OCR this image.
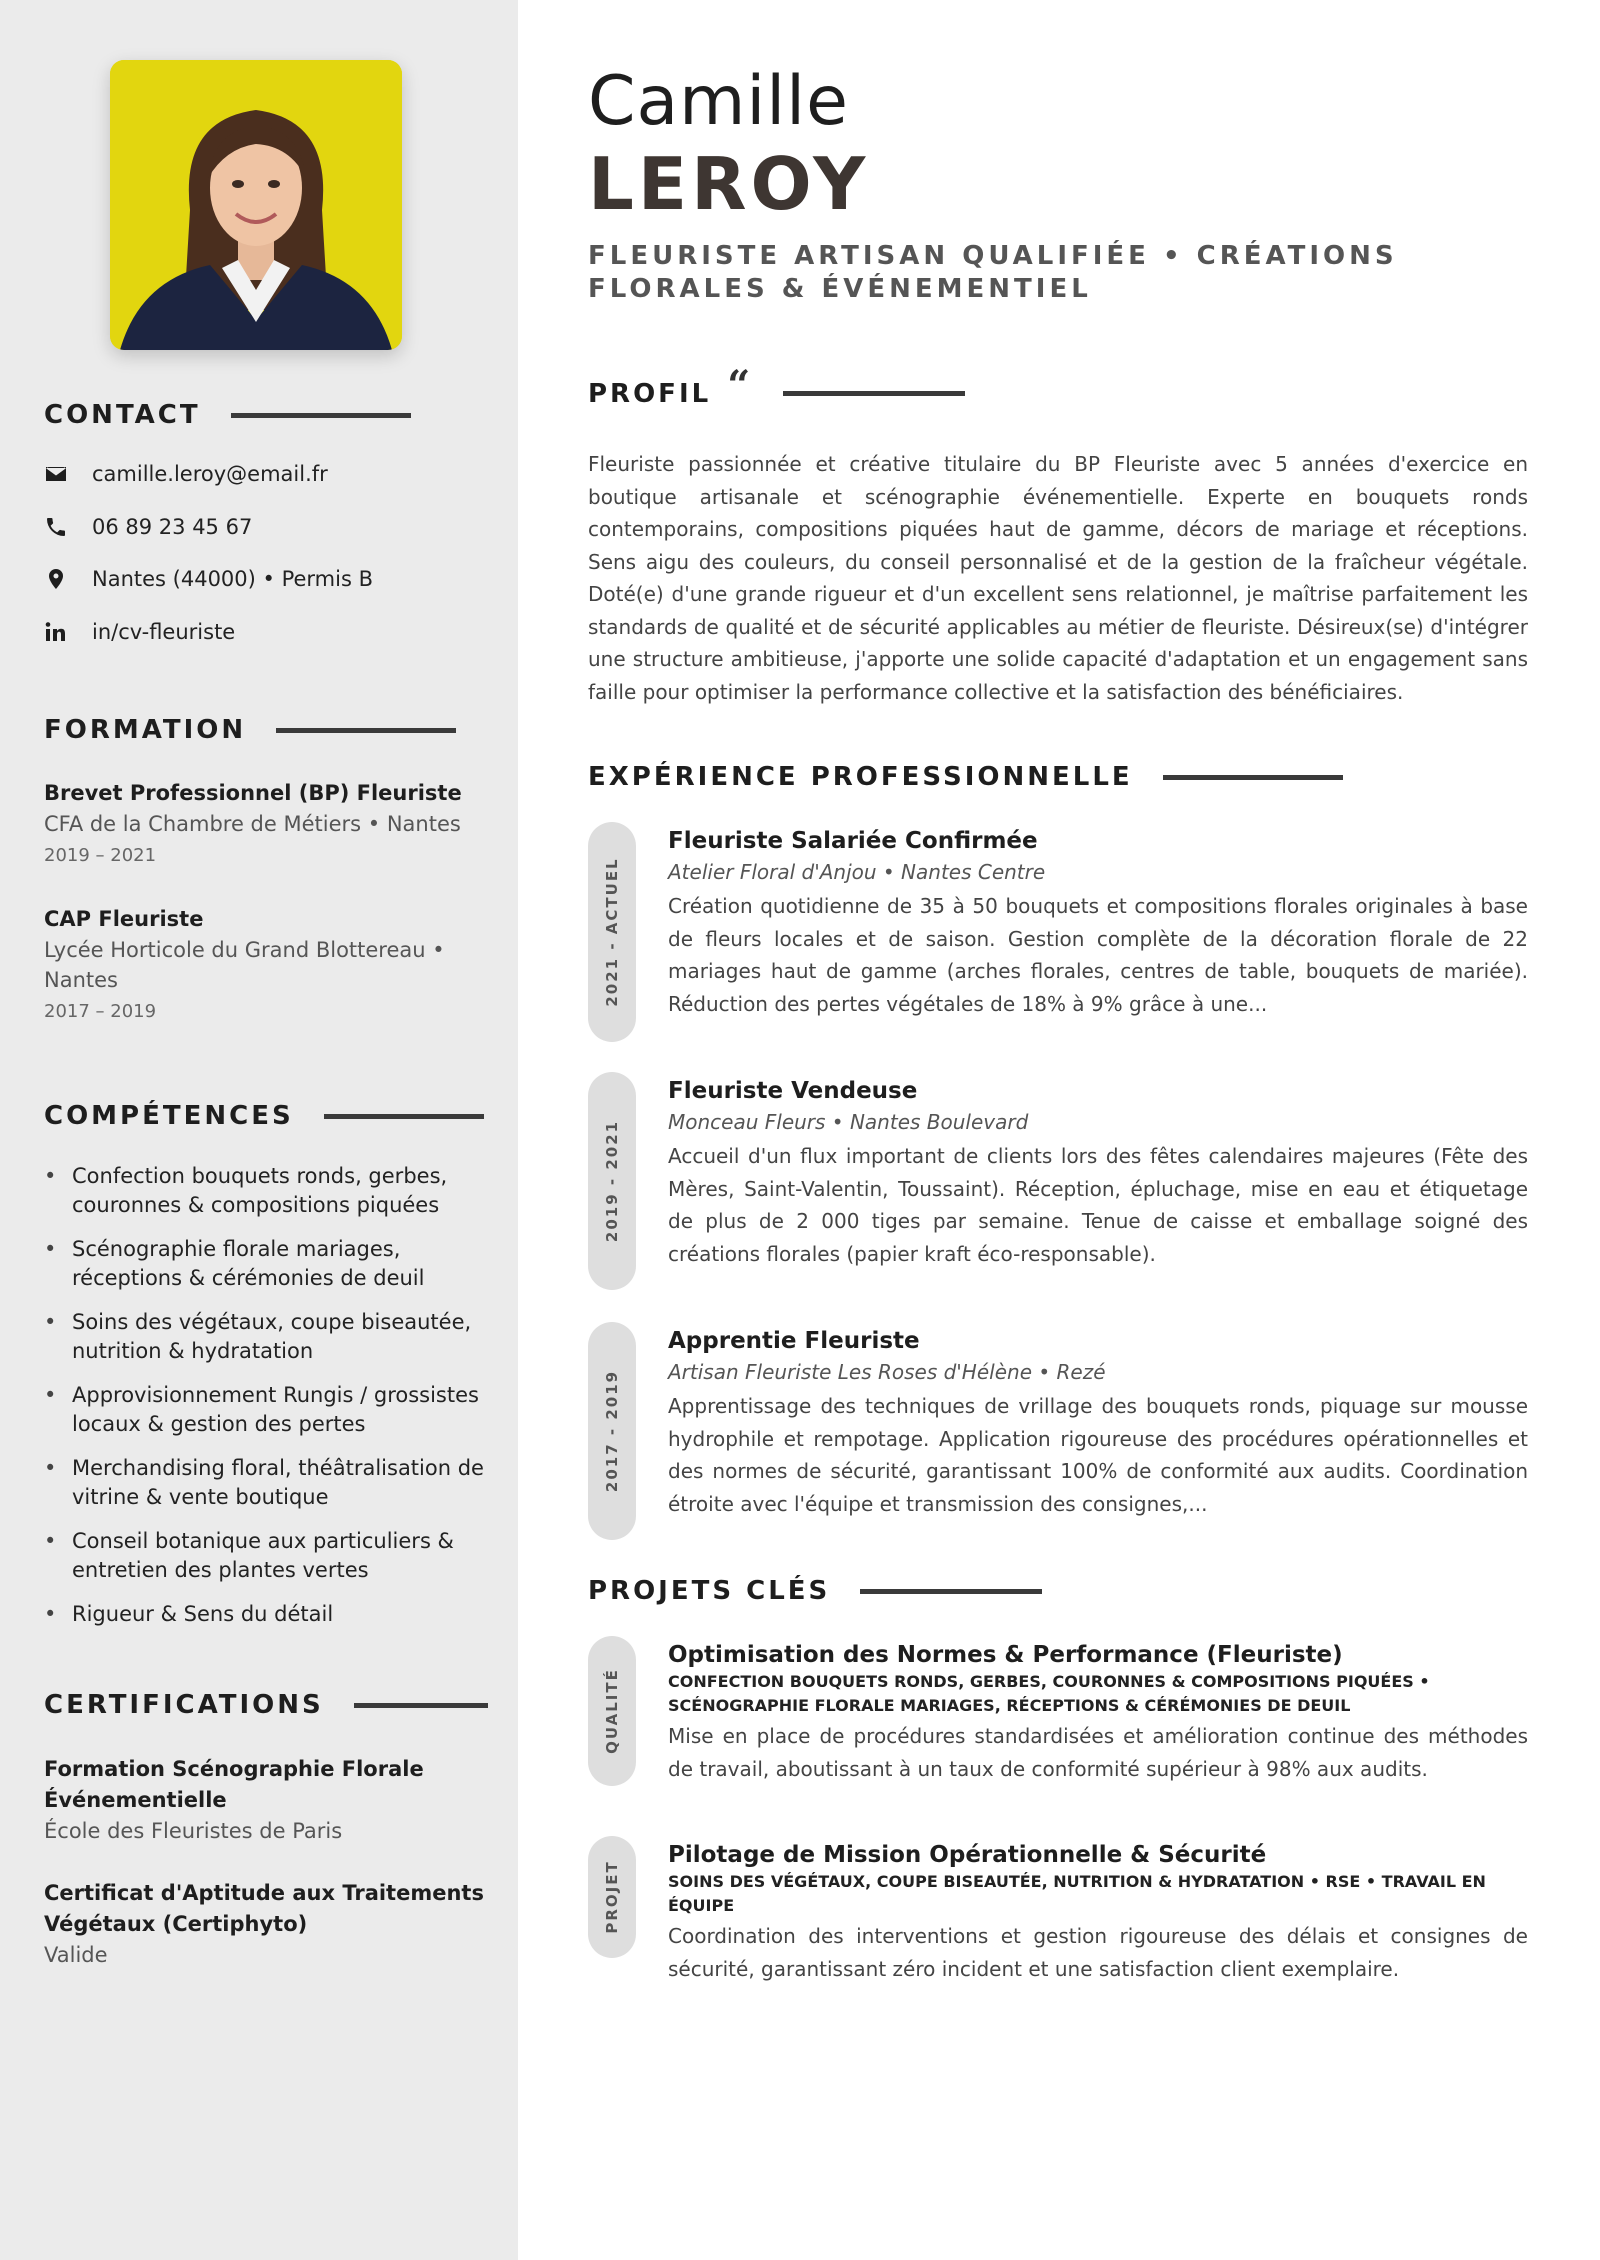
CONTACT
camille.leroy@email.fr
06 89 23 45 67
Nantes (44000) • Permis B
in/cv-fleuriste
FORMATION
Brevet Professionnel (BP) Fleuriste
CFA de la Chambre de Métiers • Nantes
2019 – 2021
CAP Fleuriste
Lycée Horticole du Grand Blottereau • Nantes
2017 – 2019
COMPÉTENCES
• Confection bouquets ronds, gerbes, couronnes & compositions piquées
• Scénographie florale mariages, réceptions & cérémonies de deuil
• Soins des végétaux, coupe biseautée, nutrition & hydratation
• Approvisionnement Rungis / grossistes locaux & gestion des pertes
• Merchandising floral, théâtralisation de vitrine & vente boutique
• Conseil botanique aux particuliers & entretien des plantes vertes
• Rigueur & Sens du détail
CERTIFICATIONS
Formation Scénographie Florale Événementielle
École des Fleuristes de Paris
Certificat d'Aptitude aux Traitements Végétaux (Certiphyto)
Valide
Camille
LEROY
FLEURISTE ARTISAN QUALIFIÉE • CRÉATIONS FLORALES & ÉVÉNEMENTIEL
PROFIL “
Fleuriste passionnée et créative titulaire du BP Fleuriste avec 5 années d'exercice en boutique artisanale et scénographie événementielle. Experte en bouquets ronds contemporains, compositions piquées haut de gamme, décors de mariage et réceptions. Sens aigu des couleurs, du conseil personnalisé et de la gestion de la fraîcheur végétale. Doté(e) d'une grande rigueur et d'un excellent sens relationnel, je maîtrise parfaitement les standards de qualité et de sécurité applicables au métier de fleuriste. Désireux(se) d'intégrer une structure ambitieuse, j'apporte une solide capacité d'adaptation et un engagement sans faille pour optimiser la performance collective et la satisfaction des bénéficiaires.
EXPÉRIENCE PROFESSIONNELLE
2021 - ACTUEL
Fleuriste Salariée Confirmée
Atelier Floral d'Anjou • Nantes Centre
Création quotidienne de 35 à 50 bouquets et compositions florales originales à base de fleurs locales et de saison. Gestion complète de la décoration florale de 22 mariages haut de gamme (arches florales, centres de table, bouquets de mariée). Réduction des pertes végétales de 18% à 9% grâce à une...
2019 - 2021
Fleuriste Vendeuse
Monceau Fleurs • Nantes Boulevard
Accueil d'un flux important de clients lors des fêtes calendaires majeures (Fête des Mères, Saint-Valentin, Toussaint). Réception, épluchage, mise en eau et étiquetage de plus de 2 000 tiges par semaine. Tenue de caisse et emballage soigné des créations florales (papier kraft éco-responsable).
2017 - 2019
Apprentie Fleuriste
Artisan Fleuriste Les Roses d'Hélène • Rezé
Apprentissage des techniques de vrillage des bouquets ronds, piquage sur mousse hydrophile et rempotage. Application rigoureuse des procédures opérationnelles et des normes de sécurité, garantissant 100% de conformité aux audits. Coordination étroite avec l'équipe et transmission des consignes,...
PROJETS CLÉS
QUALITÉ
Optimisation des Normes & Performance (Fleuriste)
CONFECTION BOUQUETS RONDS, GERBES, COURONNES & COMPOSITIONS PIQUÉES • SCÉNOGRAPHIE FLORALE MARIAGES, RÉCEPTIONS & CÉRÉMONIES DE DEUIL
Mise en place de procédures standardisées et amélioration continue des méthodes de travail, aboutissant à un taux de conformité supérieur à 98% aux audits.
PROJET
Pilotage de Mission Opérationnelle & Sécurité
SOINS DES VÉGÉTAUX, COUPE BISEAUTÉE, NUTRITION & HYDRATATION • RSE • TRAVAIL EN ÉQUIPE
Coordination des interventions et gestion rigoureuse des délais et consignes de sécurité, garantissant zéro incident et une satisfaction client exemplaire.
